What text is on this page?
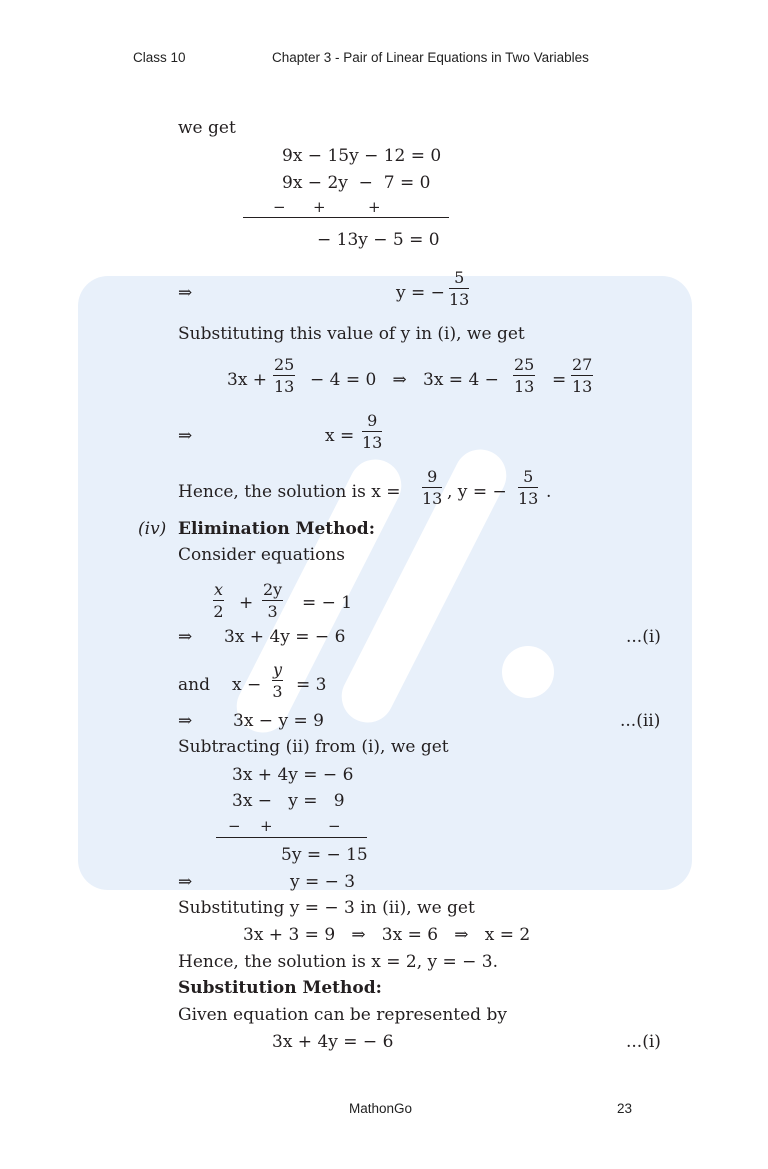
Class 10	Chapter 3 - Pair of Linear Equations in Two Variables
we get
9x − 15y − 12 = 0
9x − 2y  −  7 = 0
− +	+
− 13y − 5 = 0
⇒	y = − $\frac{5}{13}$
Substituting this value of y in (i), we get
$3x + \frac{25}{13} - 4 = 0$   ⇒   $3x = 4 - \frac{25}{13} = \frac{27}{13}$
⇒	$x = \frac{9}{13}$
Hence, the solution is $x = \frac{9}{13}$ , y = − $\frac{5}{13}$ .
(iv) Elimination Method:
Consider equations
$\frac{x}{2} + \frac{2y}{3}$ = − 1
⇒ 3x + 4y = − 6	...(i)
and $x - \frac{y}{3} = 3$
⇒ 3x − y = 9	...(ii)
Subtracting (ii) from (i), we get
3x + 4y = − 6
3x −   y =   9
− +	−
5y = − 15
⇒	y = − 3
Substituting y = − 3 in (ii), we get
3x + 3 = 9   ⇒   3x = 6   ⇒   x = 2
Hence, the solution is x = 2, y = − 3.
Substitution Method:
Given equation can be represented by
3x + 4y = − 6	...(i)
MathonGo	23
